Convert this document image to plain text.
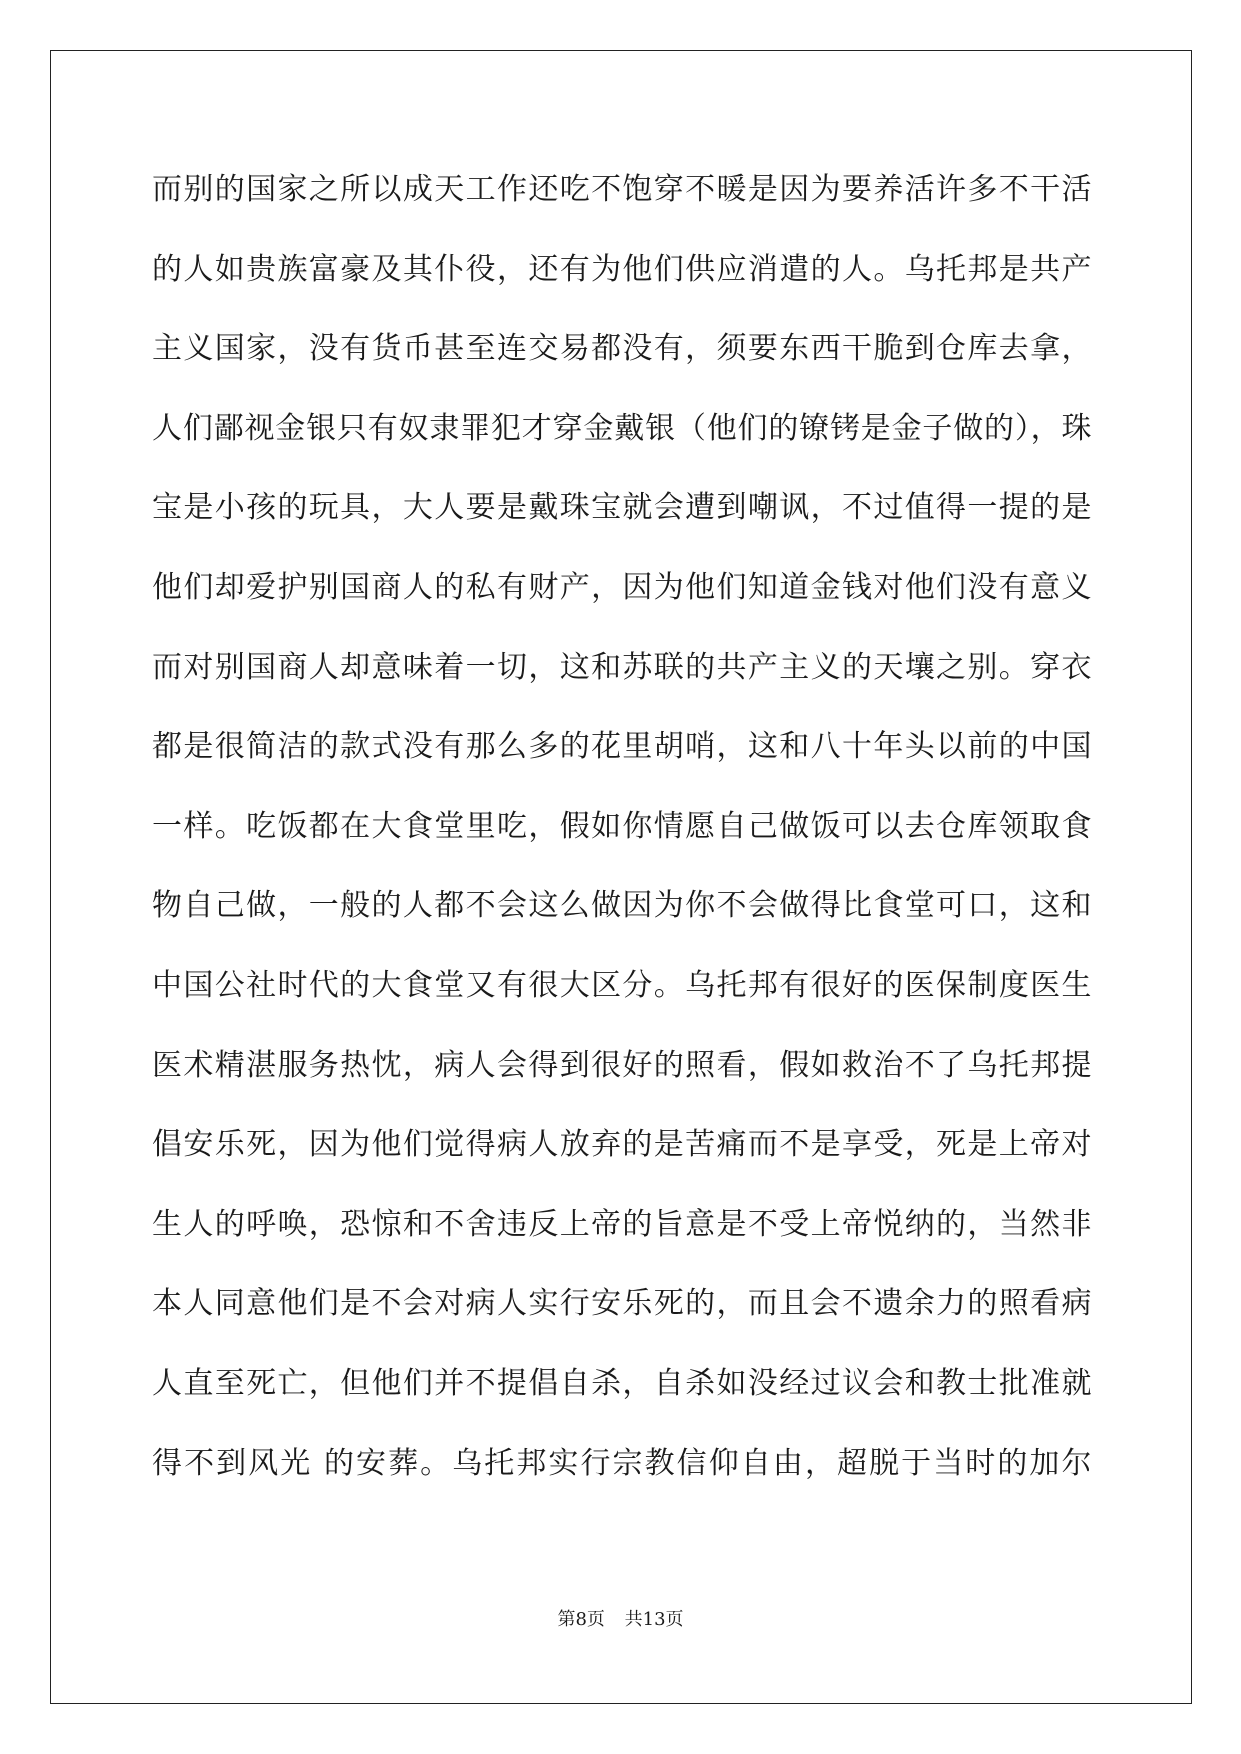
而别的国家之所以成天工作还吃不饱穿不暖是因为要养活许多不干活
的人如贵族富豪及其仆役，还有为他们供应消遣的人。乌托邦是共产
主义国家，没有货币甚至连交易都没有，须要东西干脆到仓库去拿，
人们鄙视金银只有奴隶罪犯才穿金戴银（他们的镣铐是金子做的），珠
宝是小孩的玩具，大人要是戴珠宝就会遭到嘲讽，不过值得一提的是
他们却爱护别国商人的私有财产，因为他们知道金钱对他们没有意义
而对别国商人却意味着一切，这和苏联的共产主义的天壤之别。穿衣
都是很简洁的款式没有那么多的花里胡哨，这和八十年头以前的中国
一样。吃饭都在大食堂里吃，假如你情愿自己做饭可以去仓库领取食
物自己做，一般的人都不会这么做因为你不会做得比食堂可口，这和
中国公社时代的大食堂又有很大区分。乌托邦有很好的医保制度医生
医术精湛服务热忱，病人会得到很好的照看，假如救治不了乌托邦提
倡安乐死，因为他们觉得病人放弃的是苦痛而不是享受，死是上帝对
生人的呼唤，恐惊和不舍违反上帝的旨意是不受上帝悦纳的，当然非
本人同意他们是不会对病人实行安乐死的，而且会不遗余力的照看病
人直至死亡，但他们并不提倡自杀，自杀如没经过议会和教士批准就
得不到风光 的安葬。乌托邦实行宗教信仰自由，超脱于当时的加尔
第8页 共13页
